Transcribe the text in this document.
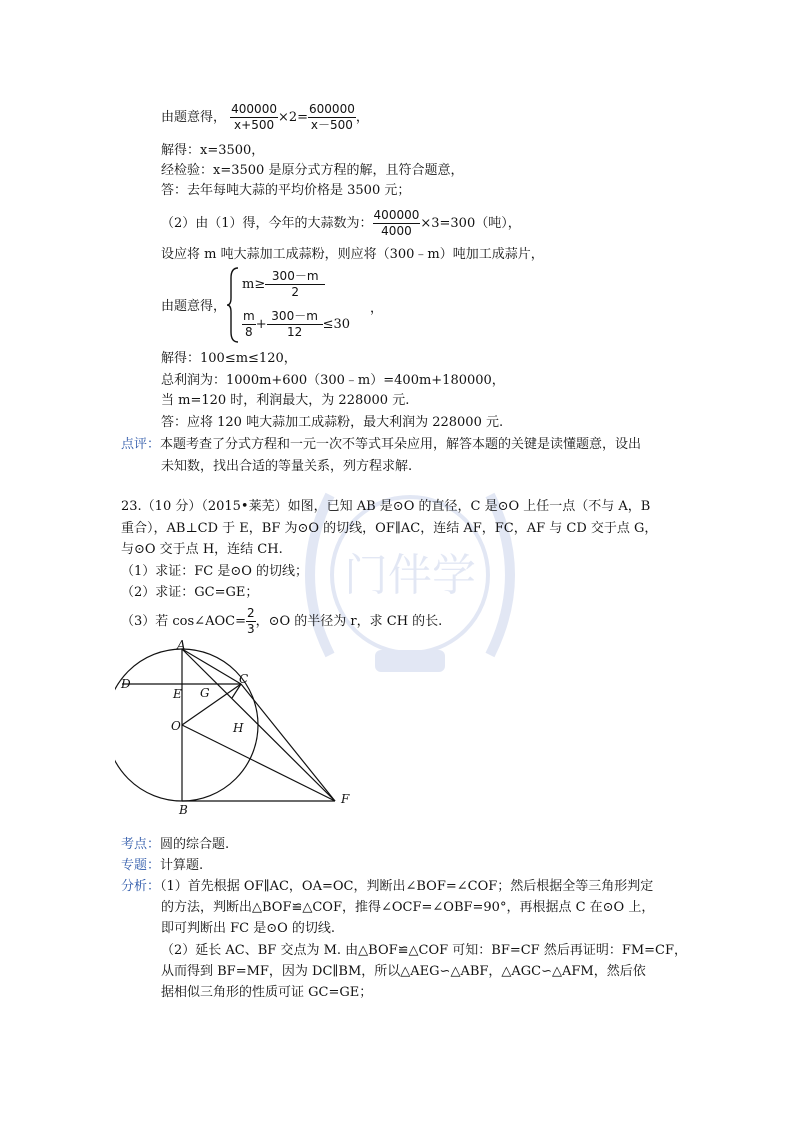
门伴学
由题意得， $\frac{400000}{x+500} \times 2= \frac{600000}{x-500}$ ，
解得：x=3500，
经检验：x=3500 是原分式方程的解，且符合题意，
答：去年每吨大蒜的平均价格是 3500 元；
（2）由（1）得，今年的大蒜数为： $\frac{400000}{4000} \times 3=300$（吨），
设应将 m 吨大蒜加工成蒜粉，则应将（300﹣m）吨加工成蒜片，
由题意得，
$m\ge \frac{300-m}{2}$
$\frac{m}{8} + \frac{300-m}{12} \le 30$
，
解得：100≤m≤120，
总利润为：1000m+600（300﹣m）=400m+180000，
当 m=120 时，利润最大，为 228000 元.
答：应将 120 吨大蒜加工成蒜粉，最大利润为 228000 元.
点评：本题考查了分式方程和一元一次不等式耳朵应用，解答本题的关键是读懂题意，设出
未知数，找出合适的等量关系，列方程求解.
23.（10 分）（2015•莱芜）如图，已知 AB 是⊙O 的直径，C 是⊙O 上任一点（不与 A，B
重合），AB⊥CD 于 E，BF 为⊙O 的切线，OF∥AC，连结 AF，FC，AF 与 CD 交于点 G，
与⊙O 交于点 H，连结 CH.
（1）求证：FC 是⊙O 的切线；
（2）求证：GC=GE；
（3）若 cos∠AOC= $\frac{2}{3}$ ，⊙O 的半径为 r，求 CH 的长.
A
B
C
D
E
F
G
H
O
考点：圆的综合题.
专题：计算题.
分析：（1）首先根据 OF∥AC，OA=OC，判断出∠BOF=∠COF；然后根据全等三角形判定
的方法，判断出△BOF≌△COF，推得∠OCF=∠OBF=90°，再根据点 C 在⊙O 上，
即可判断出 FC 是⊙O 的切线.
（2）延长 AC、BF 交点为 M. 由△BOF≌△COF 可知：BF=CF 然后再证明：FM=CF，
从而得到 BF=MF，因为 DC∥BM，所以△AEG∽△ABF，△AGC∽△AFM，然后依
据相似三角形的性质可证 GC=GE；
